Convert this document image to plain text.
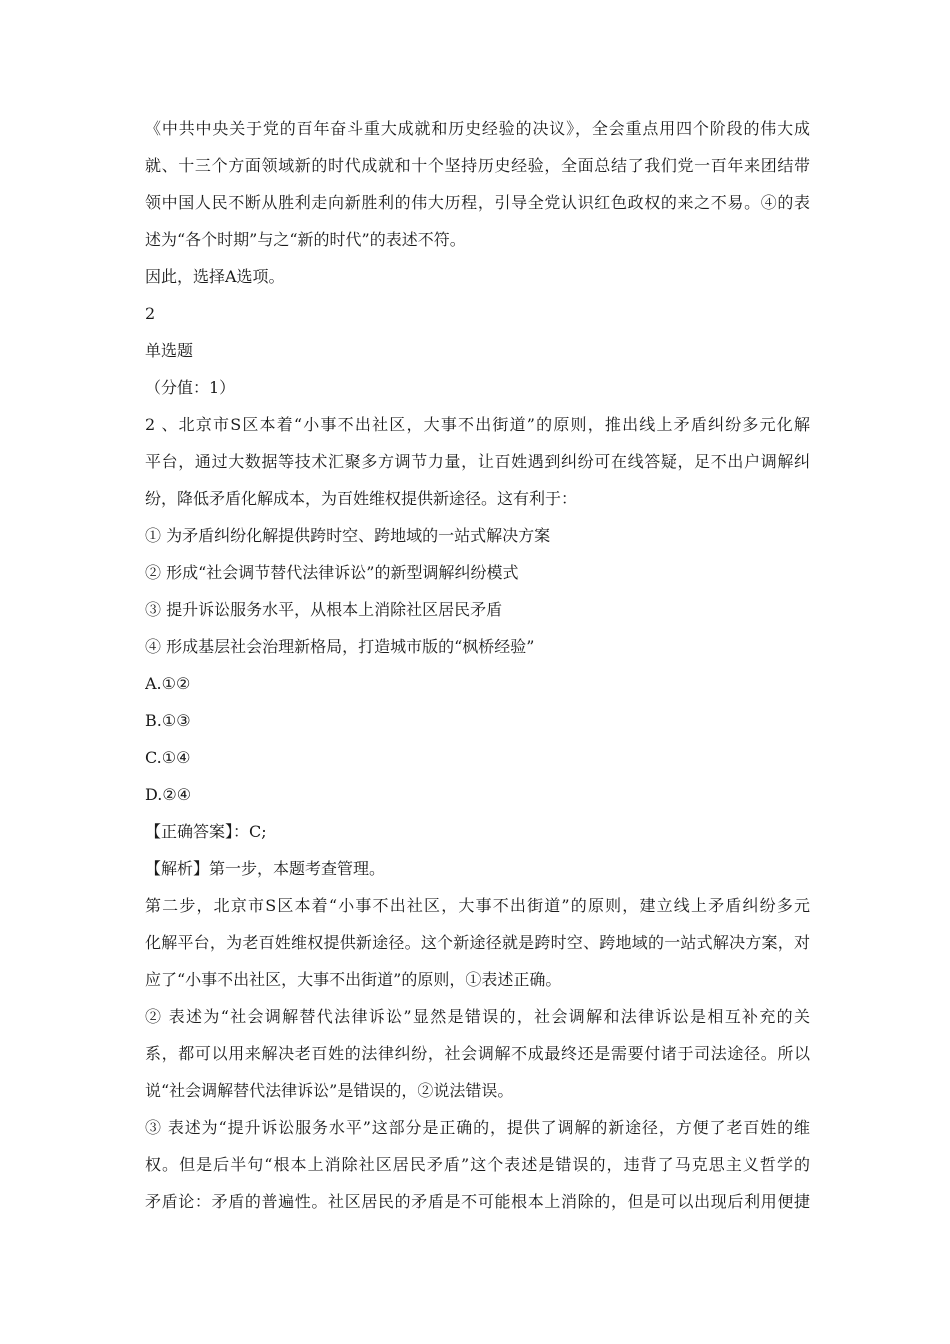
《中共中央关于党的百年奋斗重大成就和历史经验的决议》，全会重点用四个阶段的伟大成
就、十三个方面领域新的时代成就和十个坚持历史经验，全面总结了我们党一百年来团结带
领中国人民不断从胜利走向新胜利的伟大历程，引导全党认识红色政权的来之不易。④的表
述为“各个时期”与之“新的时代”的表述不符。
因此，选择A选项。
2
单选题
（分值：1）
2 、北京市S区本着“小事不出社区，大事不出街道”的原则，推出线上矛盾纠纷多元化解
平台，通过大数据等技术汇聚多方调节力量，让百姓遇到纠纷可在线答疑，足不出户调解纠
纷，降低矛盾化解成本，为百姓维权提供新途径。这有利于：
① 为矛盾纠纷化解提供跨时空、跨地域的一站式解决方案
② 形成“社会调节替代法律诉讼”的新型调解纠纷模式
③ 提升诉讼服务水平，从根本上消除社区居民矛盾
④ 形成基层社会治理新格局，打造城市版的“枫桥经验”
A.①②
B.①③
C.①④
D.②④
【正确答案】：C;
【解析】第一步，本题考查管理。
第二步，北京市S区本着“小事不出社区，大事不出街道”的原则，建立线上矛盾纠纷多元
化解平台，为老百姓维权提供新途径。这个新途径就是跨时空、跨地域的一站式解决方案，对
应了“小事不出社区，大事不出街道”的原则，①表述正确。
② 表述为“社会调解替代法律诉讼”显然是错误的，社会调解和法律诉讼是相互补充的关
系，都可以用来解决老百姓的法律纠纷，社会调解不成最终还是需要付诸于司法途径。所以
说“社会调解替代法律诉讼”是错误的，②说法错误。
③ 表述为“提升诉讼服务水平”这部分是正确的，提供了调解的新途径，方便了老百姓的维
权。但是后半句“根本上消除社区居民矛盾”这个表述是错误的，违背了马克思主义哲学的
矛盾论：矛盾的普遍性。社区居民的矛盾是不可能根本上消除的，但是可以出现后利用便捷
